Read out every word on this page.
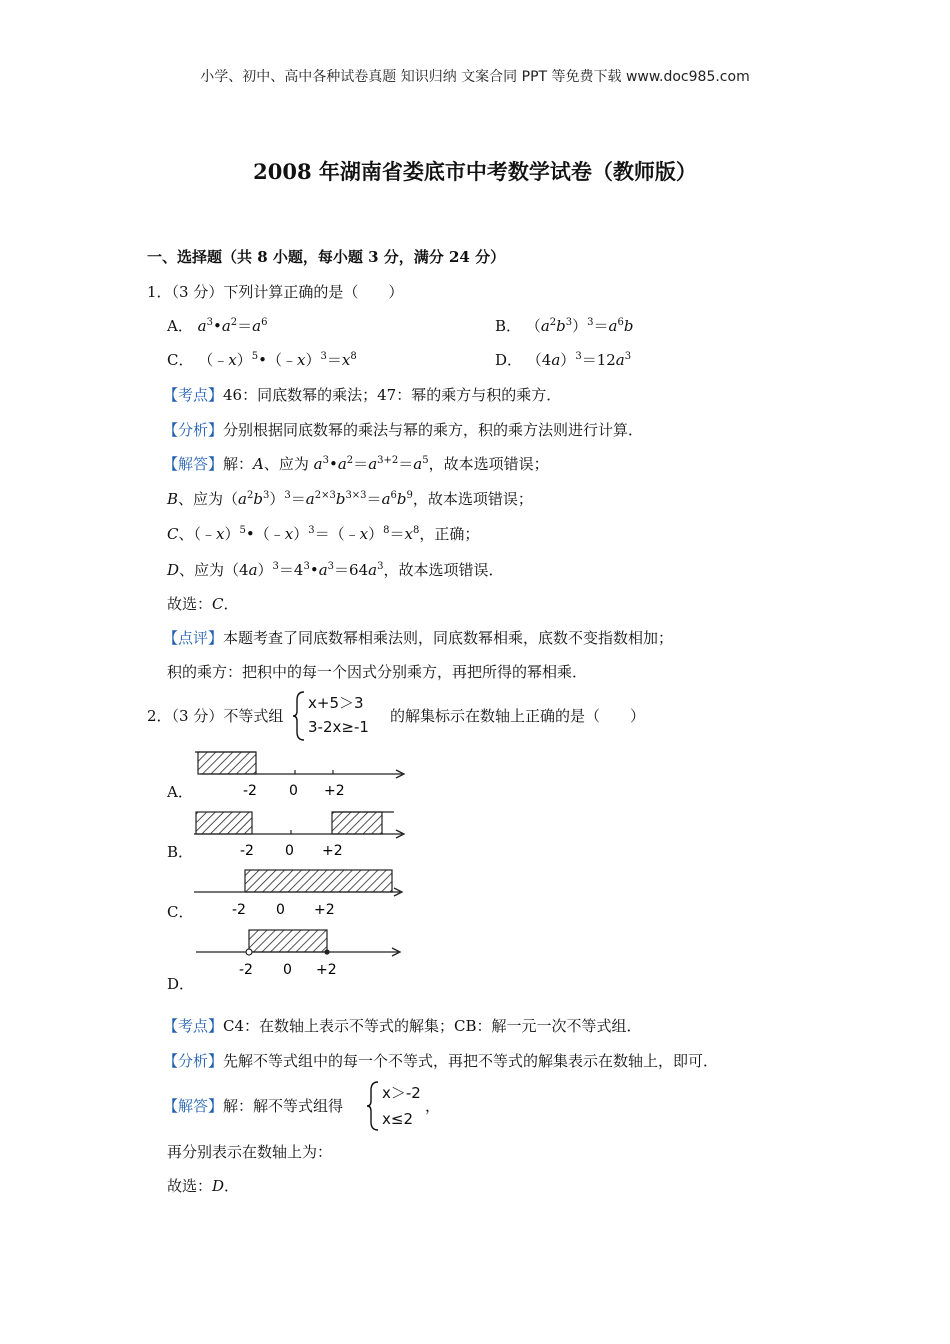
小学、初中、高中各种试卷真题 知识归纳 文案合同 PPT 等免费下载 www.doc985.com
2008 年湖南省娄底市中考数学试卷（教师版）
一、选择题（共 8 小题，每小题 3 分，满分 24 分）
1．（3 分）下列计算正确的是（　　）
A． $a^3•a^2=a^6$	B． $(a^2b^3)^3=a^6b$
C． $(﹣x)^5•(﹣x)^3=x^8$	D． $(4a)^3=12a^3$
【考点】46：同底数幂的乘法；47：幂的乘方与积的乘方．
【分析】分别根据同底数幂的乘法与幂的乘方，积的乘方法则进行计算．
【解答】解：A、应为 $a^3•a^2=a^{3+2}=a^5$，故本选项错误；
B、应为$(a^2b^3)^3=a^{2\times 3}b^{3\times 3}=a^6b^9$，故本选项错误；
C、$(﹣x)^5•(﹣x)^3=(﹣x)^8=x^8$，正确；
D、应为$(4a)^3=4^3•a^3=64a^3$，故本选项错误．
故选：C．
【点评】本题考查了同底数幂相乘法则，同底数幂相乘，底数不变指数相加；
积的乘方：把积中的每一个因式分别乘方，再把所得的幂相乘．
2．（3 分）不等式组
x+5＞3
3-2x≥-1
的解集标示在数轴上正确的是（　　）
-2 0 +2
-2 0 +2
-2 0 +2
-2 0 +2
A．
B．
C．
D．
【考点】C4：在数轴上表示不等式的解集；CB：解一元一次不等式组．
【分析】先解不等式组中的每一个不等式，再把不等式的解集表示在数轴上，即可．
【解答】解：解不等式组得
x＞-2
x≤2
，
再分别表示在数轴上为：
故选：D．
